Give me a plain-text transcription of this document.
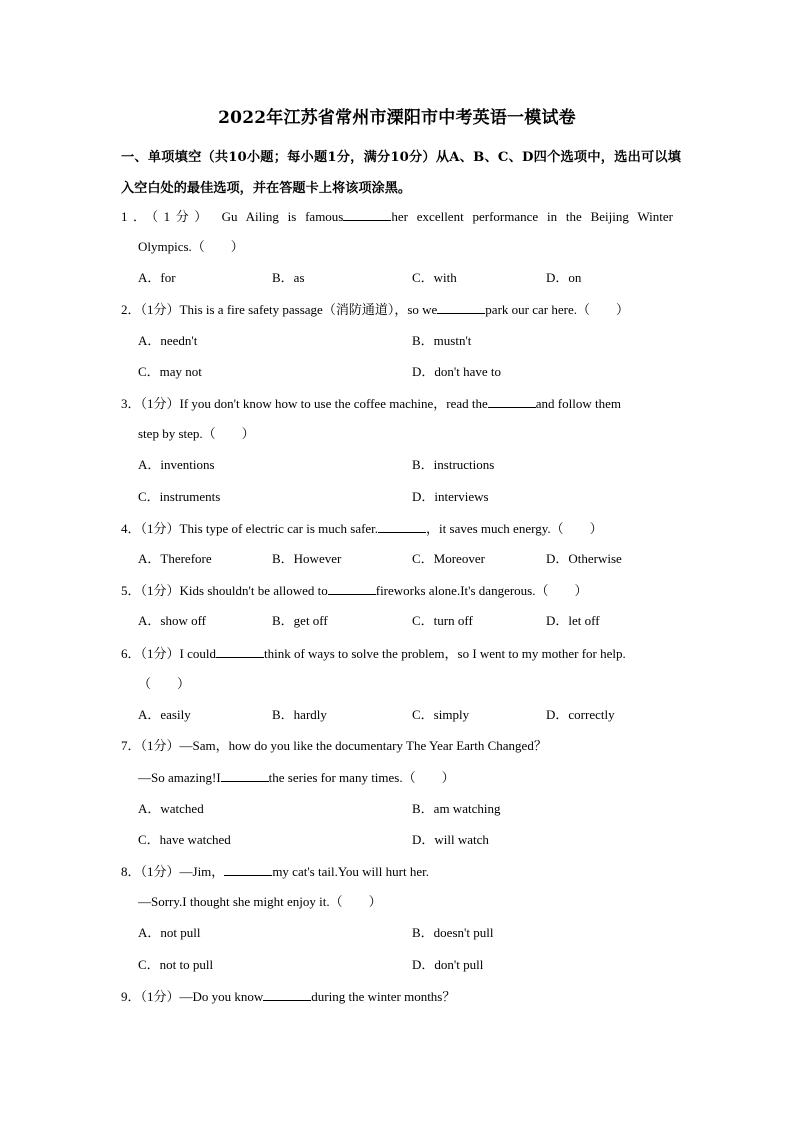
2022年江苏省常州市溧阳市中考英语一模试卷
一、单项填空（共10小题；每小题1分，满分10分）从A、B、C、D四个选项中，选出可以填入空白处的最佳选项，并在答题卡上将该项涂黑。
1．（1分） Gu Ailing is famous	her excellent performance in the Beijing Winter
Olympics.（　　）
A．for	B．as	C．with	D．on
2．（1分）This is a fire safety passage（消防通道），so we	park our car here.（　　）
A．needn't	B．mustn't
C．may not	D．don't have to
3．（1分）If you don't know how to use the coffee machine，read the	and follow them
step by step.（　　）
A．inventions	B．instructions
C．instruments	D．interviews
4．（1分）This type of electric car is much safer.	，it saves much energy.（　　）
A．Therefore	B．However	C．Moreover	D．Otherwise
5．（1分）Kids shouldn't be allowed to	fireworks alone.It's dangerous.（　　）
A．show off	B．get off	C．turn off	D．let off
6．（1分）I could	think of ways to solve the problem，so I went to my mother for help.
（　　）
A．easily	B．hardly	C．simply	D．correctly
7．（1分）—Sam，how do you like the documentary The Year Earth Changed？
—So amazing!I	the series for many times.（　　）
A．watched	B．am watching
C．have watched	D．will watch
8．（1分）—Jim，	my cat's tail.You will hurt her.
—Sorry.I thought she might enjoy it.（　　）
A．not pull	B．doesn't pull
C．not to pull	D．don't pull
9．（1分）—Do you know	during the winter months？
